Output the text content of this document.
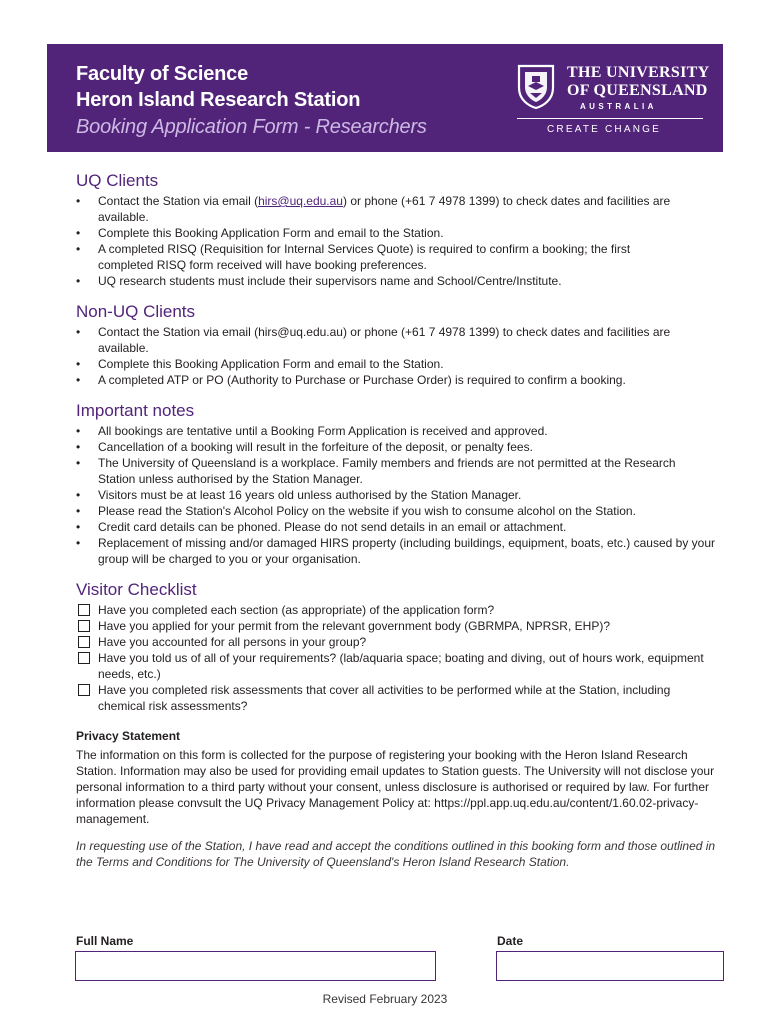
Faculty of Science
Heron Island Research Station
Booking Application Form - Researchers
THE UNIVERSITY
OF QUEENSLAND
AUSTRALIA
CREATE CHANGE
UQ Clients
• Contact the Station via email (hirs@uq.edu.au) or phone (+61 7 4978 1399) to check dates and facilities are available.
• Complete this Booking Application Form and email to the Station.
• A completed RISQ (Requisition for Internal Services Quote) is required to confirm a booking; the first completed RISQ form received will have booking preferences.
• UQ research students must include their supervisors name and School/Centre/Institute.
Non-UQ Clients
• Contact the Station via email (hirs@uq.edu.au) or phone (+61 7 4978 1399) to check dates and facilities are available.
• Complete this Booking Application Form and email to the Station.
• A completed ATP or PO (Authority to Purchase or Purchase Order) is required to confirm a booking.
Important notes
• All bookings are tentative until a Booking Form Application is received and approved.
• Cancellation of a booking will result in the forfeiture of the deposit, or penalty fees.
• The University of Queensland is a workplace. Family members and friends are not permitted at the Research Station unless authorised by the Station Manager.
• Visitors must be at least 16 years old unless authorised by the Station Manager.
• Please read the Station's Alcohol Policy on the website if you wish to consume alcohol on the Station.
• Credit card details can be phoned. Please do not send details in an email or attachment.
• Replacement of missing and/or damaged HIRS property (including buildings, equipment, boats, etc.) caused by your group will be charged to you or your organisation.
Visitor Checklist
Have you completed each section (as appropriate) of the application form?
Have you applied for your permit from the relevant government body (GBRMPA, NPRSR, EHP)?
Have you accounted for all persons in your group?
Have you told us of all of your requirements? (lab/aquaria space; boating and diving, out of hours work, equipment needs, etc.)
Have you completed risk assessments that cover all activities to be performed while at the Station, including chemical risk assessments?
Privacy Statement
The information on this form is collected for the purpose of registering your booking with the Heron Island Research Station. Information may also be used for providing email updates to Station guests. The University will not disclose your personal information to a third party without your consent, unless disclosure is authorised or required by law. For further information please convsult the UQ Privacy Management Policy at: https://ppl.app.uq.edu.au/content/1.60.02-privacy-management.
In requesting use of the Station, I have read and accept the conditions outlined in this booking form and those outlined in the Terms and Conditions for The University of Queensland's Heron Island Research Station.
Full Name	Date
Revised February 2023
